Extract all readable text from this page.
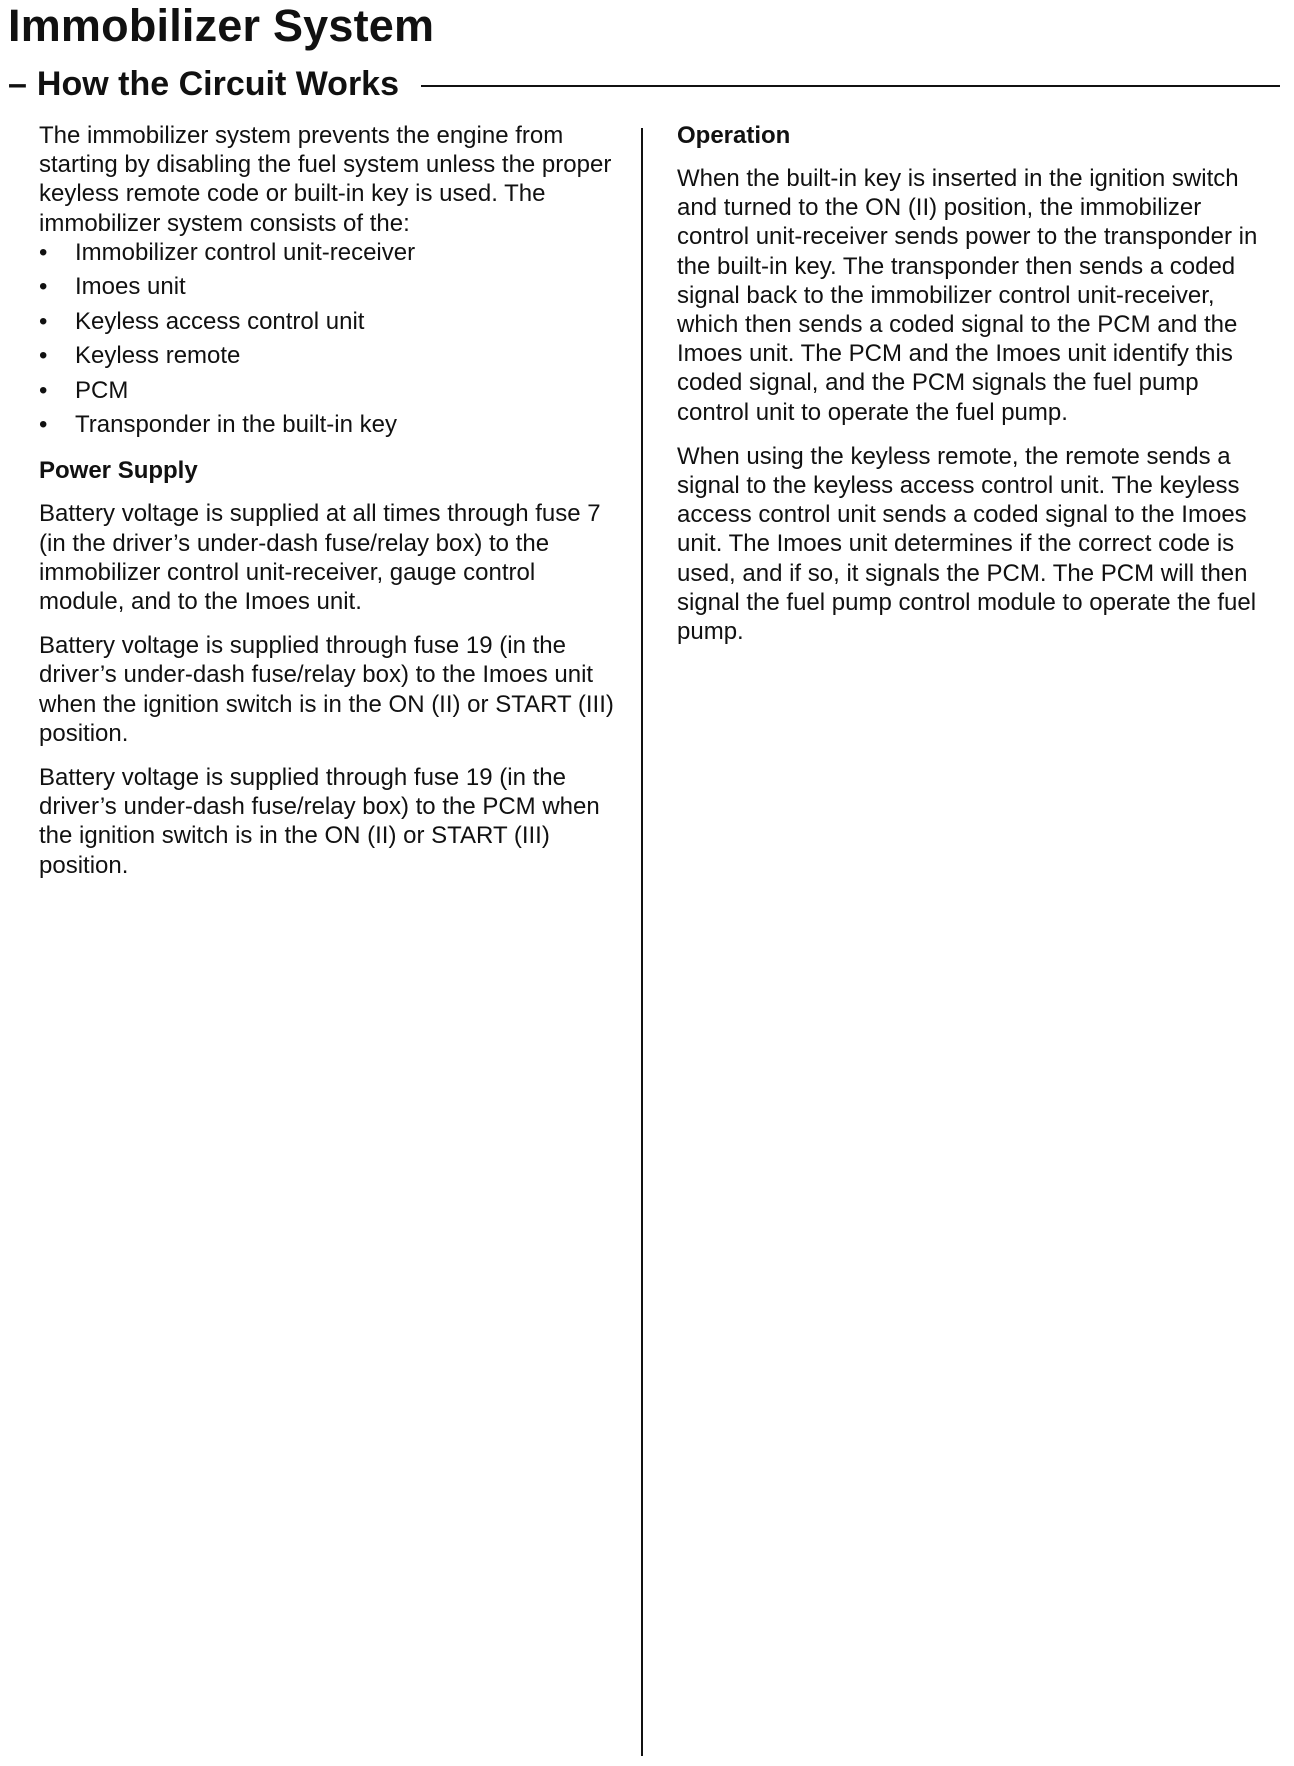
Immobilizer System
– How the Circuit Works

The immobilizer system prevents the engine from starting by disabling the fuel system unless the proper keyless remote code or built-in key is used. The immobilizer system consists of the:

• Immobilizer control unit-receiver
• Imoes unit
• Keyless access control unit
• Keyless remote
• PCM
• Transponder in the built-in key
Power Supply

Battery voltage is supplied at all times through fuse 7 (in the driver’s under-dash fuse/relay box) to the immobilizer control unit-receiver, gauge control module, and to the Imoes unit.

Battery voltage is supplied through fuse 19 (in the driver’s under-dash fuse/relay box) to the Imoes unit when the ignition switch is in the ON (II) or START (III) position.

Battery voltage is supplied through fuse 19 (in the driver’s under-dash fuse/relay box) to the PCM when the ignition switch is in the ON (II) or START (III) position.

Operation

When the built-in key is inserted in the ignition switch and turned to the ON (II) position, the immobilizer control unit-receiver sends power to the transponder in the built-in key. The transponder then sends a coded signal back to the immobilizer control unit-receiver, which then sends a coded signal to the PCM and the Imoes unit. The PCM and the Imoes unit identify this coded signal, and the PCM signals the fuel pump control unit to operate the fuel pump.

When using the keyless remote, the remote sends a signal to the keyless access control unit. The keyless access control unit sends a coded signal to the Imoes unit. The Imoes unit determines if the correct code is used, and if so, it signals the PCM. The PCM will then signal the fuel pump control module to operate the fuel pump.
